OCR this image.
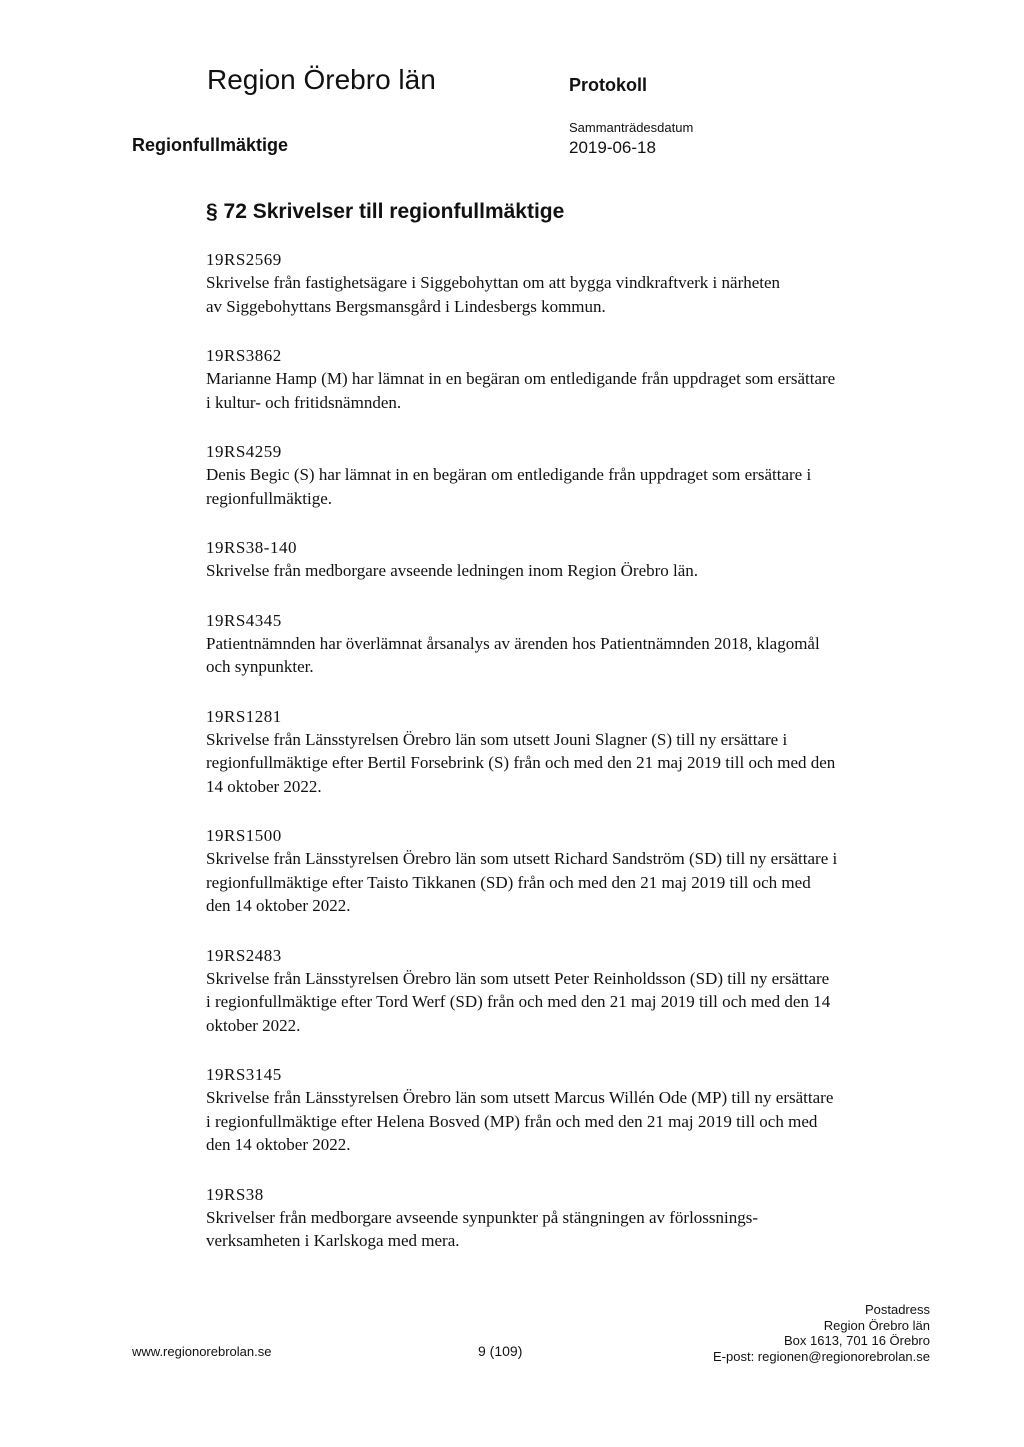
Region Örebro län	Protokoll
Regionfullmäktige
Sammanträdesdatum
2019-06-18
§ 72 Skrivelser till regionfullmäktige
19RS2569
Skrivelse från fastighetsägare i Siggebohyttan om att bygga vindkraftverk i närheten
av Siggebohyttans Bergsmansgård i Lindesbergs kommun.
19RS3862
Marianne Hamp (M) har lämnat in en begäran om entledigande från uppdraget som ersättare
i kultur- och fritidsnämnden.
19RS4259
Denis Begic (S) har lämnat in en begäran om entledigande från uppdraget som ersättare i
regionfullmäktige.
19RS38-140
Skrivelse från medborgare avseende ledningen inom Region Örebro län.
19RS4345
Patientnämnden har överlämnat årsanalys av ärenden hos Patientnämnden 2018, klagomål
och synpunkter.
19RS1281
Skrivelse från Länsstyrelsen Örebro län som utsett Jouni Slagner (S) till ny ersättare i
regionfullmäktige efter Bertil Forsebrink (S) från och med den 21 maj 2019 till och med den
14 oktober 2022.
19RS1500
Skrivelse från Länsstyrelsen Örebro län som utsett Richard Sandström (SD) till ny ersättare i
regionfullmäktige efter Taisto Tikkanen (SD) från och med den 21 maj 2019 till och med
den 14 oktober 2022.
19RS2483
Skrivelse från Länsstyrelsen Örebro län som utsett Peter Reinholdsson (SD) till ny ersättare
i regionfullmäktige efter Tord Werf (SD) från och med den 21 maj 2019 till och med den 14
oktober 2022.
19RS3145
Skrivelse från Länsstyrelsen Örebro län som utsett Marcus Willén Ode (MP) till ny ersättare
i regionfullmäktige efter Helena Bosved (MP) från och med den 21 maj 2019 till och med
den 14 oktober 2022.
19RS38
Skrivelser från medborgare avseende synpunkter på stängningen av förlossnings-
verksamheten i Karlskoga med mera.
www.regionorebrolan.se	9 (109)
Postadress
Region Örebro län
Box 1613, 701 16 Örebro
E-post: regionen@regionorebrolan.se
